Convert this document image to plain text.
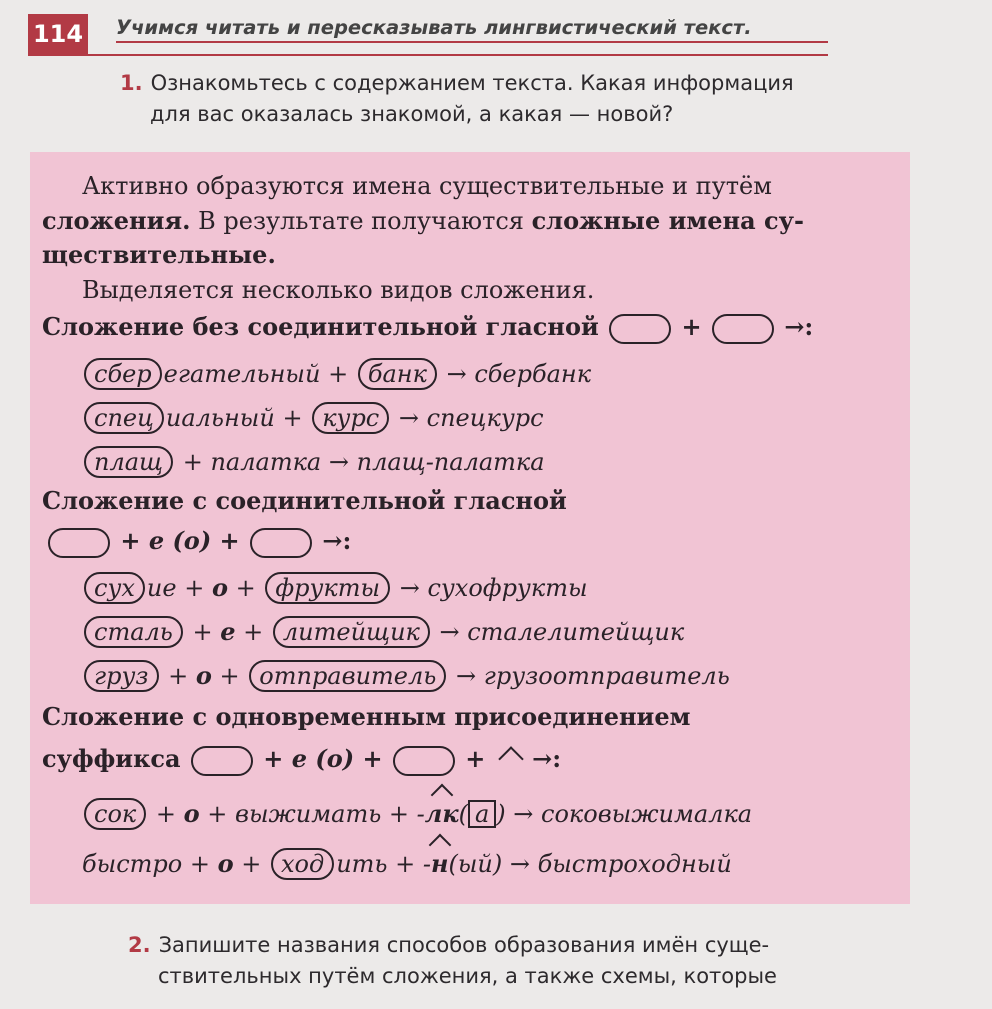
114 Учимся читать и пересказывать лингвистический текст.
1. Ознакомьтесь с содержанием текста. Какая информация
для вас оказалась знакомой, а какая — новой?
Активно образуются имена существительные и путём
сложения. В результате получаются сложные имена су-
ществительные.
Выделяется несколько видов сложения.
Сложение без соединительной гласной	+	→:
сбер егательный + банк → сбербанк
спец иальный + курс → спецкурс
плащ + палатка → плащ-палатка
Сложение с соединительной гласной
+ е (о) +	→:
сух ие + о + фрукты → сухофрукты
сталь + е + литейщик → сталелитейщик
груз + о + отправитель → грузоотправитель
Сложение с одновременным присоединением
суффикса	+ е (о) +	+  →:
сок + о + выжимать + -лк( а ) → соковыжималка
быстро + о + ход ить + -н(ый) → быстроходный
2. Запишите названия способов образования имён суще-
ствительных путём сложения, а также схемы, которые
